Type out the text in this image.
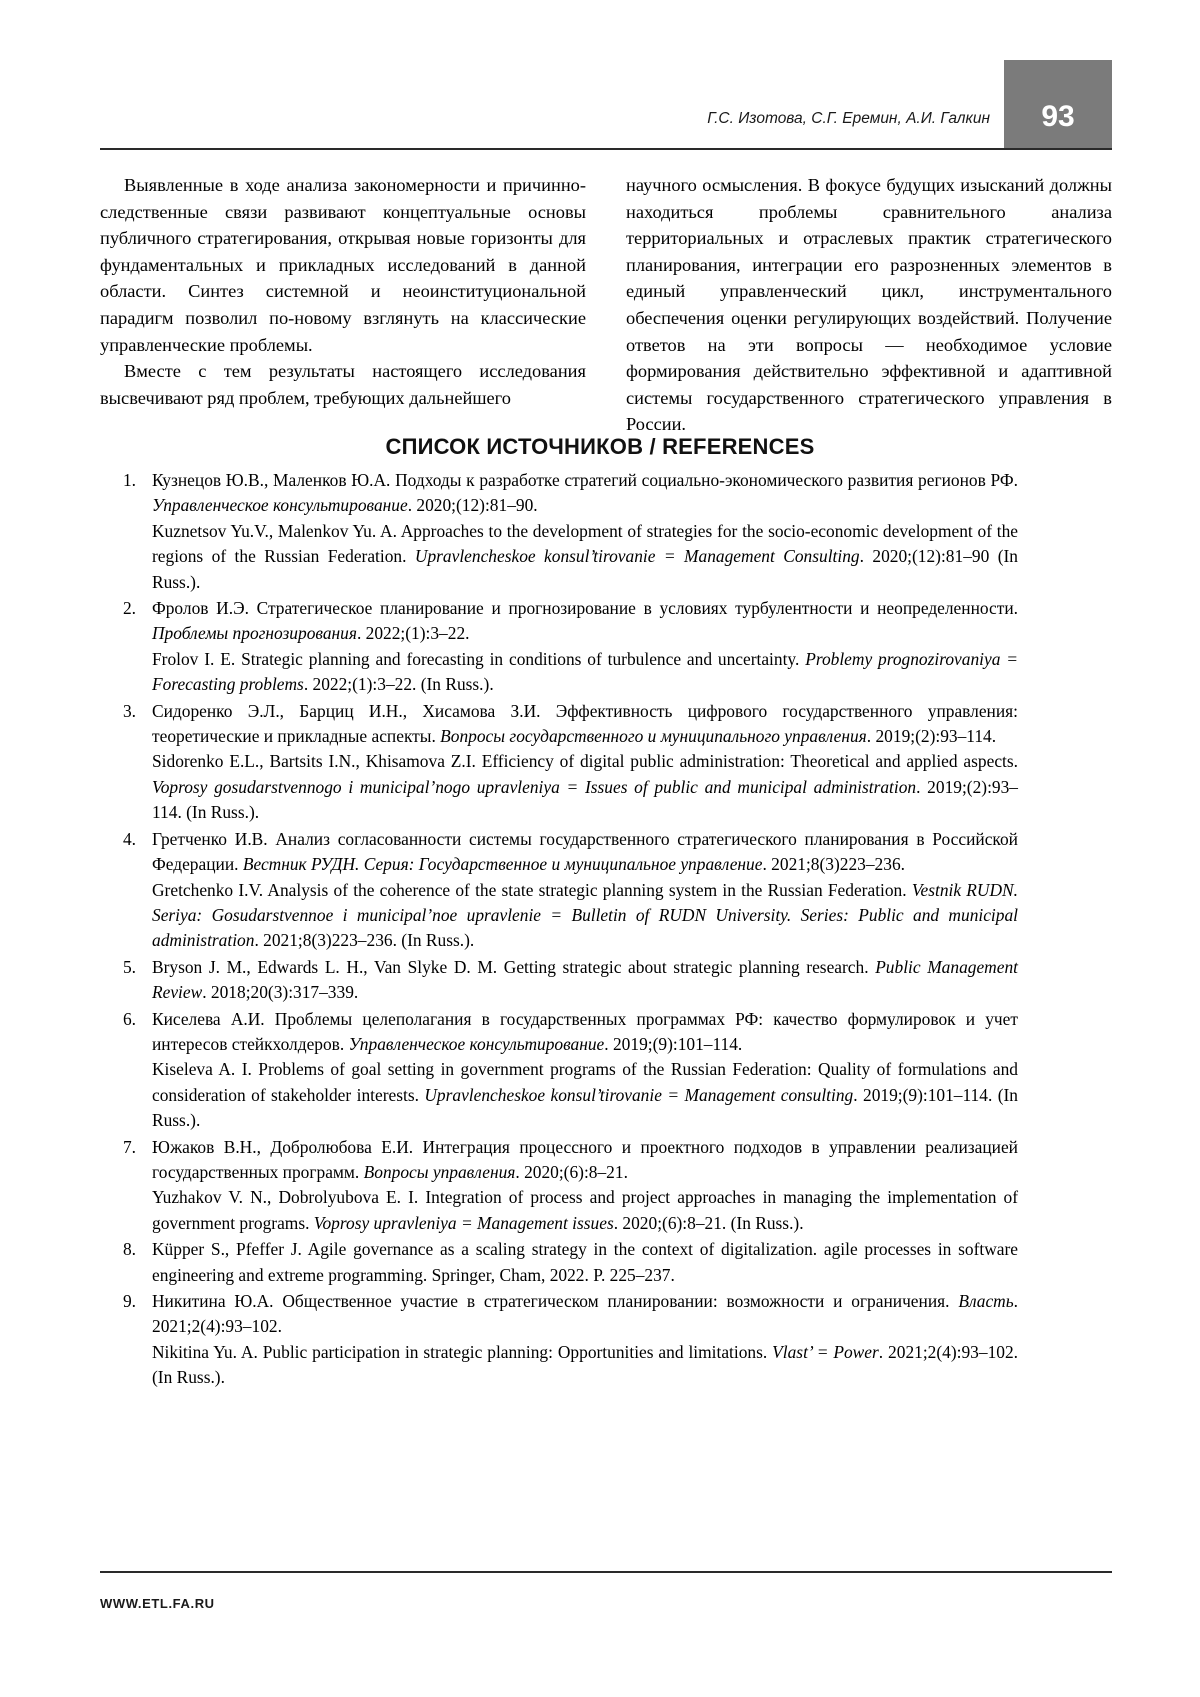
93
Г.С. Изотова, С.Г. Еремин, А.И. Галкин

Выявленные в ходе анализа закономерности и причинно-следственные связи развивают концептуальные основы публичного стратегирования, открывая новые горизонты для фундаментальных и прикладных исследований в данной области. Синтез системной и неоинституциональной парадигм позволил по-новому взглянуть на классические управленческие проблемы.

Вместе с тем результаты настоящего исследования высвечивают ряд проблем, требующих дальнейшего

научного осмысления. В фокусе будущих изысканий должны находиться проблемы сравнительного анализа территориальных и отраслевых практик стратегического планирования, интеграции его разрозненных элементов в единый управленческий цикл, инструментального обеспечения оценки регулирующих воздействий. Получение ответов на эти вопросы — необходимое условие формирования действительно эффективной и адаптивной системы государственного стратегического управления в России.

СПИСОК ИСТОЧНИКОВ / REFERENCES
1. Кузнецов Ю.В., Маленков Ю.А. Подходы к разработке стратегий социально-экономического развития регионов РФ. Управленческое консультирование. 2020;(12):81–90.

Kuznetsov Yu.V., Malenkov Yu. A. Approaches to the development of strategies for the socio-economic development of the regions of the Russian Federation. Upravlencheskoe konsul’tirovanie = Management Consulting. 2020;(12):81–90 (In Russ.).

2. Фролов И.Э. Стратегическое планирование и прогнозирование в условиях турбулентности и неопределенности. Проблемы прогнозирования. 2022;(1):3–22.

Frolov I. E. Strategic planning and forecasting in conditions of turbulence and uncertainty. Problemy prognozirovaniya = Forecasting problems. 2022;(1):3–22. (In Russ.).

3. Сидоренко Э.Л., Барциц И.Н., Хисамова З.И. Эффективность цифрового государственного управления: теоретические и прикладные аспекты. Вопросы государственного и муниципального управления. 2019;(2):93–114.

Sidorenko E.L., Bartsits I.N., Khisamova Z.I. Efficiency of digital public administration: Theoretical and applied aspects. Voprosy gosudarstvennogo i municipal’nogo upravleniya = Issues of public and municipal administration. 2019;(2):93–114. (In Russ.).

4. Гретченко И.В. Анализ согласованности системы государственного стратегического планирования в Российской Федерации. Вестник РУДН. Серия: Государственное и муниципальное управление. 2021;8(3)223–236.

Gretchenko I.V. Analysis of the coherence of the state strategic planning system in the Russian Federation. Vestnik RUDN. Seriya: Gosudarstvennoe i municipal’noe upravlenie = Bulletin of RUDN University. Series: Public and municipal administration. 2021;8(3)223–236. (In Russ.).

5. Bryson J. M., Edwards L. H., Van Slyke D. M. Getting strategic about strategic planning research. Public Management Review. 2018;20(3):317–339.

6. Киселева А.И. Проблемы целеполагания в государственных программах РФ: качество формулировок и учет интересов стейкхолдеров. Управленческое консультирование. 2019;(9):101–114.

Kiseleva A. I. Problems of goal setting in government programs of the Russian Federation: Quality of formulations and consideration of stakeholder interests. Upravlencheskoe konsul’tirovanie = Management consulting. 2019;(9):101–114. (In Russ.).

7. Южаков В.Н., Добролюбова Е.И. Интеграция процессного и проектного подходов в управлении реализацией государственных программ. Вопросы управления. 2020;(6):8–21.

Yuzhakov V. N., Dobrolyubova E. I. Integration of process and project approaches in managing the implementation of government programs. Voprosy upravleniya = Management issues. 2020;(6):8–21. (In Russ.).

8. Küpper S., Pfeffer J. Agile governance as a scaling strategy in the context of digitalization. agile processes in software engineering and extreme programming. Springer, Cham, 2022. P. 225–237.

9. Никитина Ю.А. Общественное участие в стратегическом планировании: возможности и ограничения. Власть. 2021;2(4):93–102.

Nikitina Yu. A. Public participation in strategic planning: Opportunities and limitations. Vlast’ = Power. 2021;2(4):93–102. (In Russ.).

WWW.ETL.FA.RU
